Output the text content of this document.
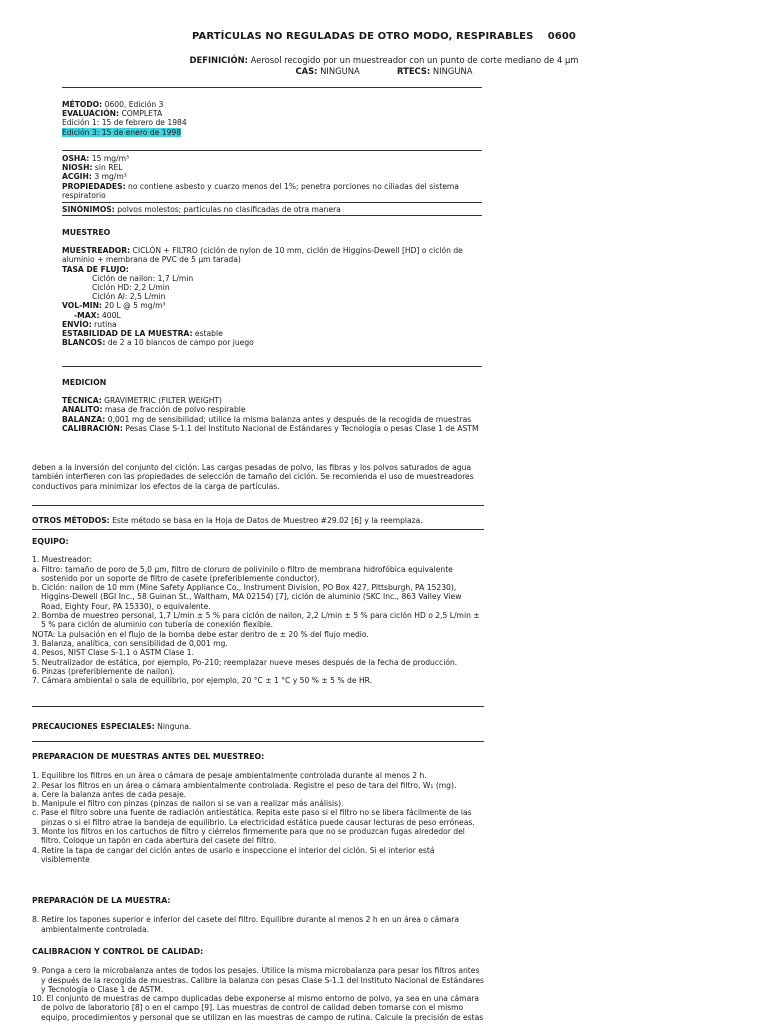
PARTÍCULAS NO REGULADAS DE OTRO MODO, RESPIRABLES 0600
DEFINICIÓN: Aerosol recogido por un muestreador con un punto de corte mediano de 4 µm
CAS: NINGUNA	RTECS: NINGUNA
MÉTODO: 0600, Edición 3
EVALUACIÓN: COMPLETA
Edición 1: 15 de febrero de 1984
Edición 3: 15 de enero de 1998
OSHA: 15 mg/m³
NIOSH: sin REL
ACGIH: 3 mg/m³
PROPIEDADES: no contiene asbesto y cuarzo menos del 1%; penetra porciones no ciliadas del sistema respiratorio
SINÓNIMOS: polvos molestos; partículas no clasificadas de otra manera
MUESTREO
MUESTREADOR: CICLÓN + FILTRO (ciclón de nylon de 10 mm, ciclón de Higgins-Dewell [HD] o ciclón de aluminio + membrana de PVC de 5 µm tarada)
TASA DE FLUJO:
Ciclón de nailon: 1,7 L/min
Ciclón HD: 2,2 L/min
Ciclón Al: 2,5 L/min
VOL-MIN: 20 L @ 5 mg/m³
-MAX: 400L
ENVÍO: rutina
ESTABILIDAD DE LA MUESTRA: estable
BLANCOS: de 2 a 10 blancos de campo por juego
MEDICIÓN
TÉCNICA: GRAVIMETRIC (FILTER WEIGHT)
ANALITO: masa de fracción de polvo respirable
BALANZA: 0,001 mg de sensibilidad; utilice la misma balanza antes y después de la recogida de muestras
CALIBRACIÓN: Pesas Clase S-1.1 del Instituto Nacional de Estándares y Tecnología o pesas Clase 1 de ASTM
deben a la inversión del conjunto del ciclón. Las cargas pesadas de polvo, las fibras y los polvos saturados de agua también interfieren con las propiedades de selección de tamaño del ciclón. Se recomienda el uso de muestreadores conductivos para minimizar los efectos de la carga de partículas.
OTROS MÉTODOS: Este método se basa en la Hoja de Datos de Muestreo #29.02 [6] y la reemplaza.
EQUIPO:
1. Muestreador:
a. Filtro: tamaño de poro de 5,0 µm, filtro de cloruro de polivinilo o filtro de membrana hidrofóbica equivalente sostenido por un soporte de filtro de casete (preferiblemente conductor).
b. Ciclón: nailon de 10 mm (Mine Safety Appliance Co., Instrument Division, PO Box 427, Pittsburgh, PA 15230), Higgins-Dewell (BGI Inc., 58 Guinan St., Waltham, MA 02154) [7], ciclón de aluminio (SKC Inc., 863 Valley View Road, Eighty Four, PA 15330), o equivalente.
2. Bomba de muestreo personal, 1,7 L/min ± 5 % para ciclón de nailon, 2,2 L/min ± 5 % para ciclón HD o 2,5 L/min ± 5 % para ciclón de aluminio con tubería de conexión flexible.
NOTA: La pulsación en el flujo de la bomba debe estar dentro de ± 20 % del flujo medio.
3. Balanza, analítica, con sensibilidad de 0,001 mg.
4. Pesos, NIST Clase S-1.1 o ASTM Clase 1.
5. Neutralizador de estática, por ejemplo, Po-210; reemplazar nueve meses después de la fecha de producción.
6. Pinzas (preferiblemente de nailon).
7. Cámara ambiental o sala de equilibrio, por ejemplo, 20 °C ± 1 °C y 50 % ± 5 % de HR.
PRECAUCIONES ESPECIALES: Ninguna.
PREPARACIÓN DE MUESTRAS ANTES DEL MUESTREO:
1. Equilibre los filtros en un área o cámara de pesaje ambientalmente controlada durante al menos 2 h.
2. Pesar los filtros en un área o cámara ambientalmente controlada. Registre el peso de tara del filtro, W₁ (mg).
a. Cere la balanza antes de cada pesaje.
b. Manipule el filtro con pinzas (pinzas de nailon si se van a realizar más análisis).
c. Pase el filtro sobre una fuente de radiación antiestática. Repita este paso si el filtro no se libera fácilmente de las pinzas o si el filtro atrae la bandeja de equilibrio. La electricidad estática puede causar lecturas de peso erróneas.
3. Monte los filtros en los cartuchos de filtro y ciérrelos firmemente para que no se produzcan fugas alrededor del filtro. Coloque un tapón en cada abertura del casete del filtro.
4. Retire la tapa de cangar del ciclón antes de usarlo e inspeccione el interior del ciclón. Si el interior está visiblemente
PREPARACIÓN DE LA MUESTRA:
8. Retire los tapones superior e inferior del casete del filtro. Equilibre durante al menos 2 h en un área o cámara ambientalmente controlada.
CALIBRACIÓN Y CONTROL DE CALIDAD:
9. Ponga a cero la microbalanza antes de todos los pesajes. Utilice la misma microbalanza para pesar los filtros antes y después de la recogida de muestras. Calibre la balanza con pesas Clase S-1.1 del Instituto Nacional de Estándares y Tecnología o Clase 1 de ASTM.
10. El conjunto de muestras de campo duplicadas debe exponerse al mismo entorno de polvo, ya sea en una cámara de polvo de laboratorio [8] o en el campo [9]. Las muestras de control de calidad deben tomarse con el mismo equipo, procedimientos y personal que se utilizan en las muestras de campo de rutina. Calcule la precisión de estas
